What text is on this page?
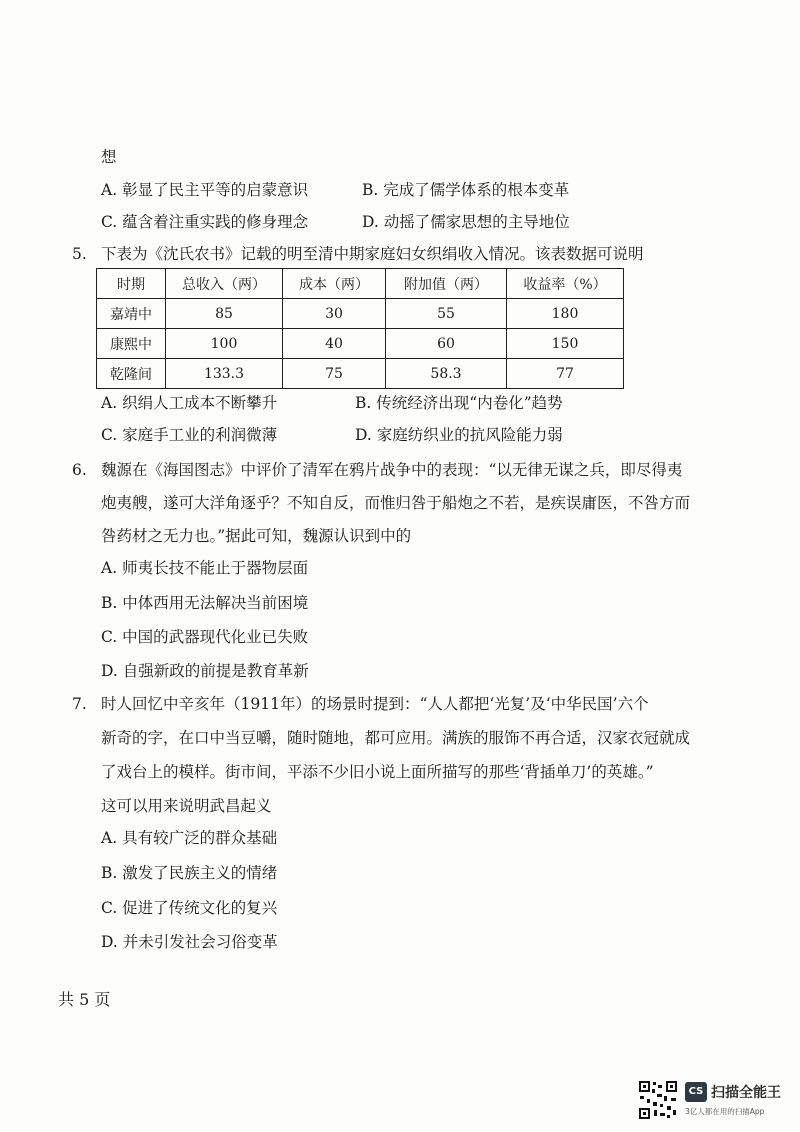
想
A. 彰显了民主平等的启蒙意识	B. 完成了儒学体系的根本变革
C. 蕴含着注重实践的修身理念	D. 动摇了儒家思想的主导地位
5. 下表为《沈氏农书》记载的明至清中期家庭妇女织绢收入情况。该表数据可说明
时期	总收入（两）	成本（两）	附加值（两）	收益率（%）
嘉靖中	85	30	55	180
康熙中	100	40	60	150
乾隆间	133.3	75	58.3	77
A. 织绢人工成本不断攀升	B. 传统经济出现“内卷化”趋势
C. 家庭手工业的利润微薄	D. 家庭纺织业的抗风险能力弱
6. 魏源在《海国图志》中评价了清军在鸦片战争中的表现：“以无律无谋之兵，即尽得夷
炮夷艘，遂可大洋角逐乎？不知自反，而惟归咎于船炮之不若，是疾误庸医，不咎方而
咎药材之无力也。”据此可知，魏源认识到中的
A. 师夷长技不能止于器物层面
B. 中体西用无法解决当前困境
C. 中国的武器现代化业已失败
D. 自强新政的前提是教育革新
7. 时人回忆中辛亥年（1911年）的场景时提到：“人人都把‘光复’及‘中华民国’六个
新奇的字，在口中当豆嚼，随时随地，都可应用。满族的服饰不再合适，汉家衣冠就成
了戏台上的模样。街市间，平添不少旧小说上面所描写的那些‘背插单刀’的英雄。”
这可以用来说明武昌起义
A. 具有较广泛的群众基础
B. 激发了民族主义的情绪
C. 促进了传统文化的复兴
D. 并未引发社会习俗变革
共 5 页
CS 扫描全能王
3亿人都在用的扫描App
